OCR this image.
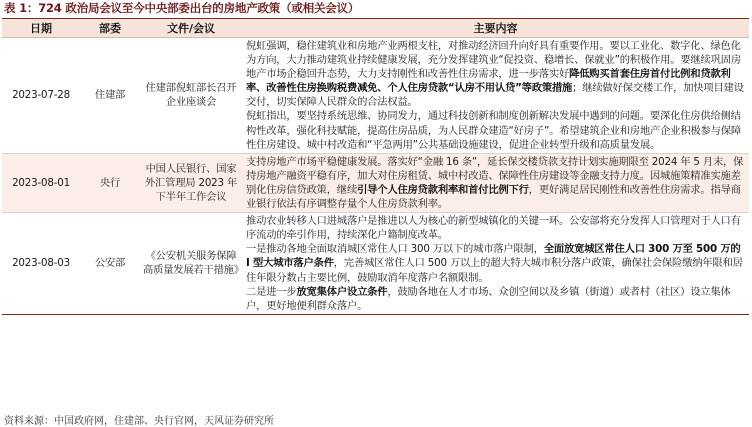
表 1：724 政治局会议至今中央部委出台的房地产政策（或相关会议）
日期	部委	文件/会议	主要内容
2023-07-28	住建部	住建部倪虹部长召开企业座谈会	倪虹强调，稳住建筑业和房地产业两根支柱，对推动经济回升向好具有重要作用。要以工业化、数字化、绿色化为方向，大力推动建筑业持续健康发展，充分发挥建筑业“促投资、稳增长、保就业”的积极作用。要继续巩固房地产市场企稳回升态势，大力支持刚性和改善性住房需求，进一步落实好降低购买首套住房首付比例和贷款利率、改善性住房换购税费减免、个人住房贷款“认房不用认贷”等政策措施；继续做好保交楼工作，加快项目建设交付，切实保障人民群众的合法权益。
倪虹指出，要坚持系统思维、协同发力，通过科技创新和制度创新解决发展中遇到的问题。要深化住房供给侧结构性改革，强化科技赋能，提高住房品质，为人民群众建造“好房子”。希望建筑企业和房地产企业积极参与保障性住房建设、城中村改造和“平急两用”公共基础设施建设，促进企业转型升级和高质量发展。

2023-08-01	央行	中国人民银行、国家外汇管理局 2023 年下半年工作会议	支持房地产市场平稳健康发展。落实好“金融 16 条”，延长保交楼贷款支持计划实施期限至 2024 年 5 月末，保持房地产融资平稳有序，加大对住房租赁、城中村改造、保障性住房建设等金融支持力度。因城施策精准实施差别化住房信贷政策，继续引导个人住房贷款利率和首付比例下行，更好满足居民刚性和改善性住房需求。指导商业银行依法有序调整存量个人住房贷款利率。

2023-08-03	公安部	《公安机关服务保障高质量发展若干措施》	推动农业转移人口进城落户是推进以人为核心的新型城镇化的关键一环。公安部将充分发挥人口管理对于人口有序流动的牵引作用，持续深化户籍制度改革。
一是推动各地全面取消城区常住人口 300 万以下的城市落户限制，全面放宽城区常住人口 300 万至 500 万的 I 型大城市落户条件，完善城区常住人口 500 万以上的超大特大城市积分落户政策，确保社会保险缴纳年限和居住年限分数占主要比例，鼓励取消年度落户名额限制。
二是进一步放宽集体户设立条件，鼓励各地在人才市场、众创空间以及乡镇（街道）或者村（社区）设立集体户，更好地便利群众落户。
资料来源：中国政府网，住建部、央行官网，天风证券研究所
